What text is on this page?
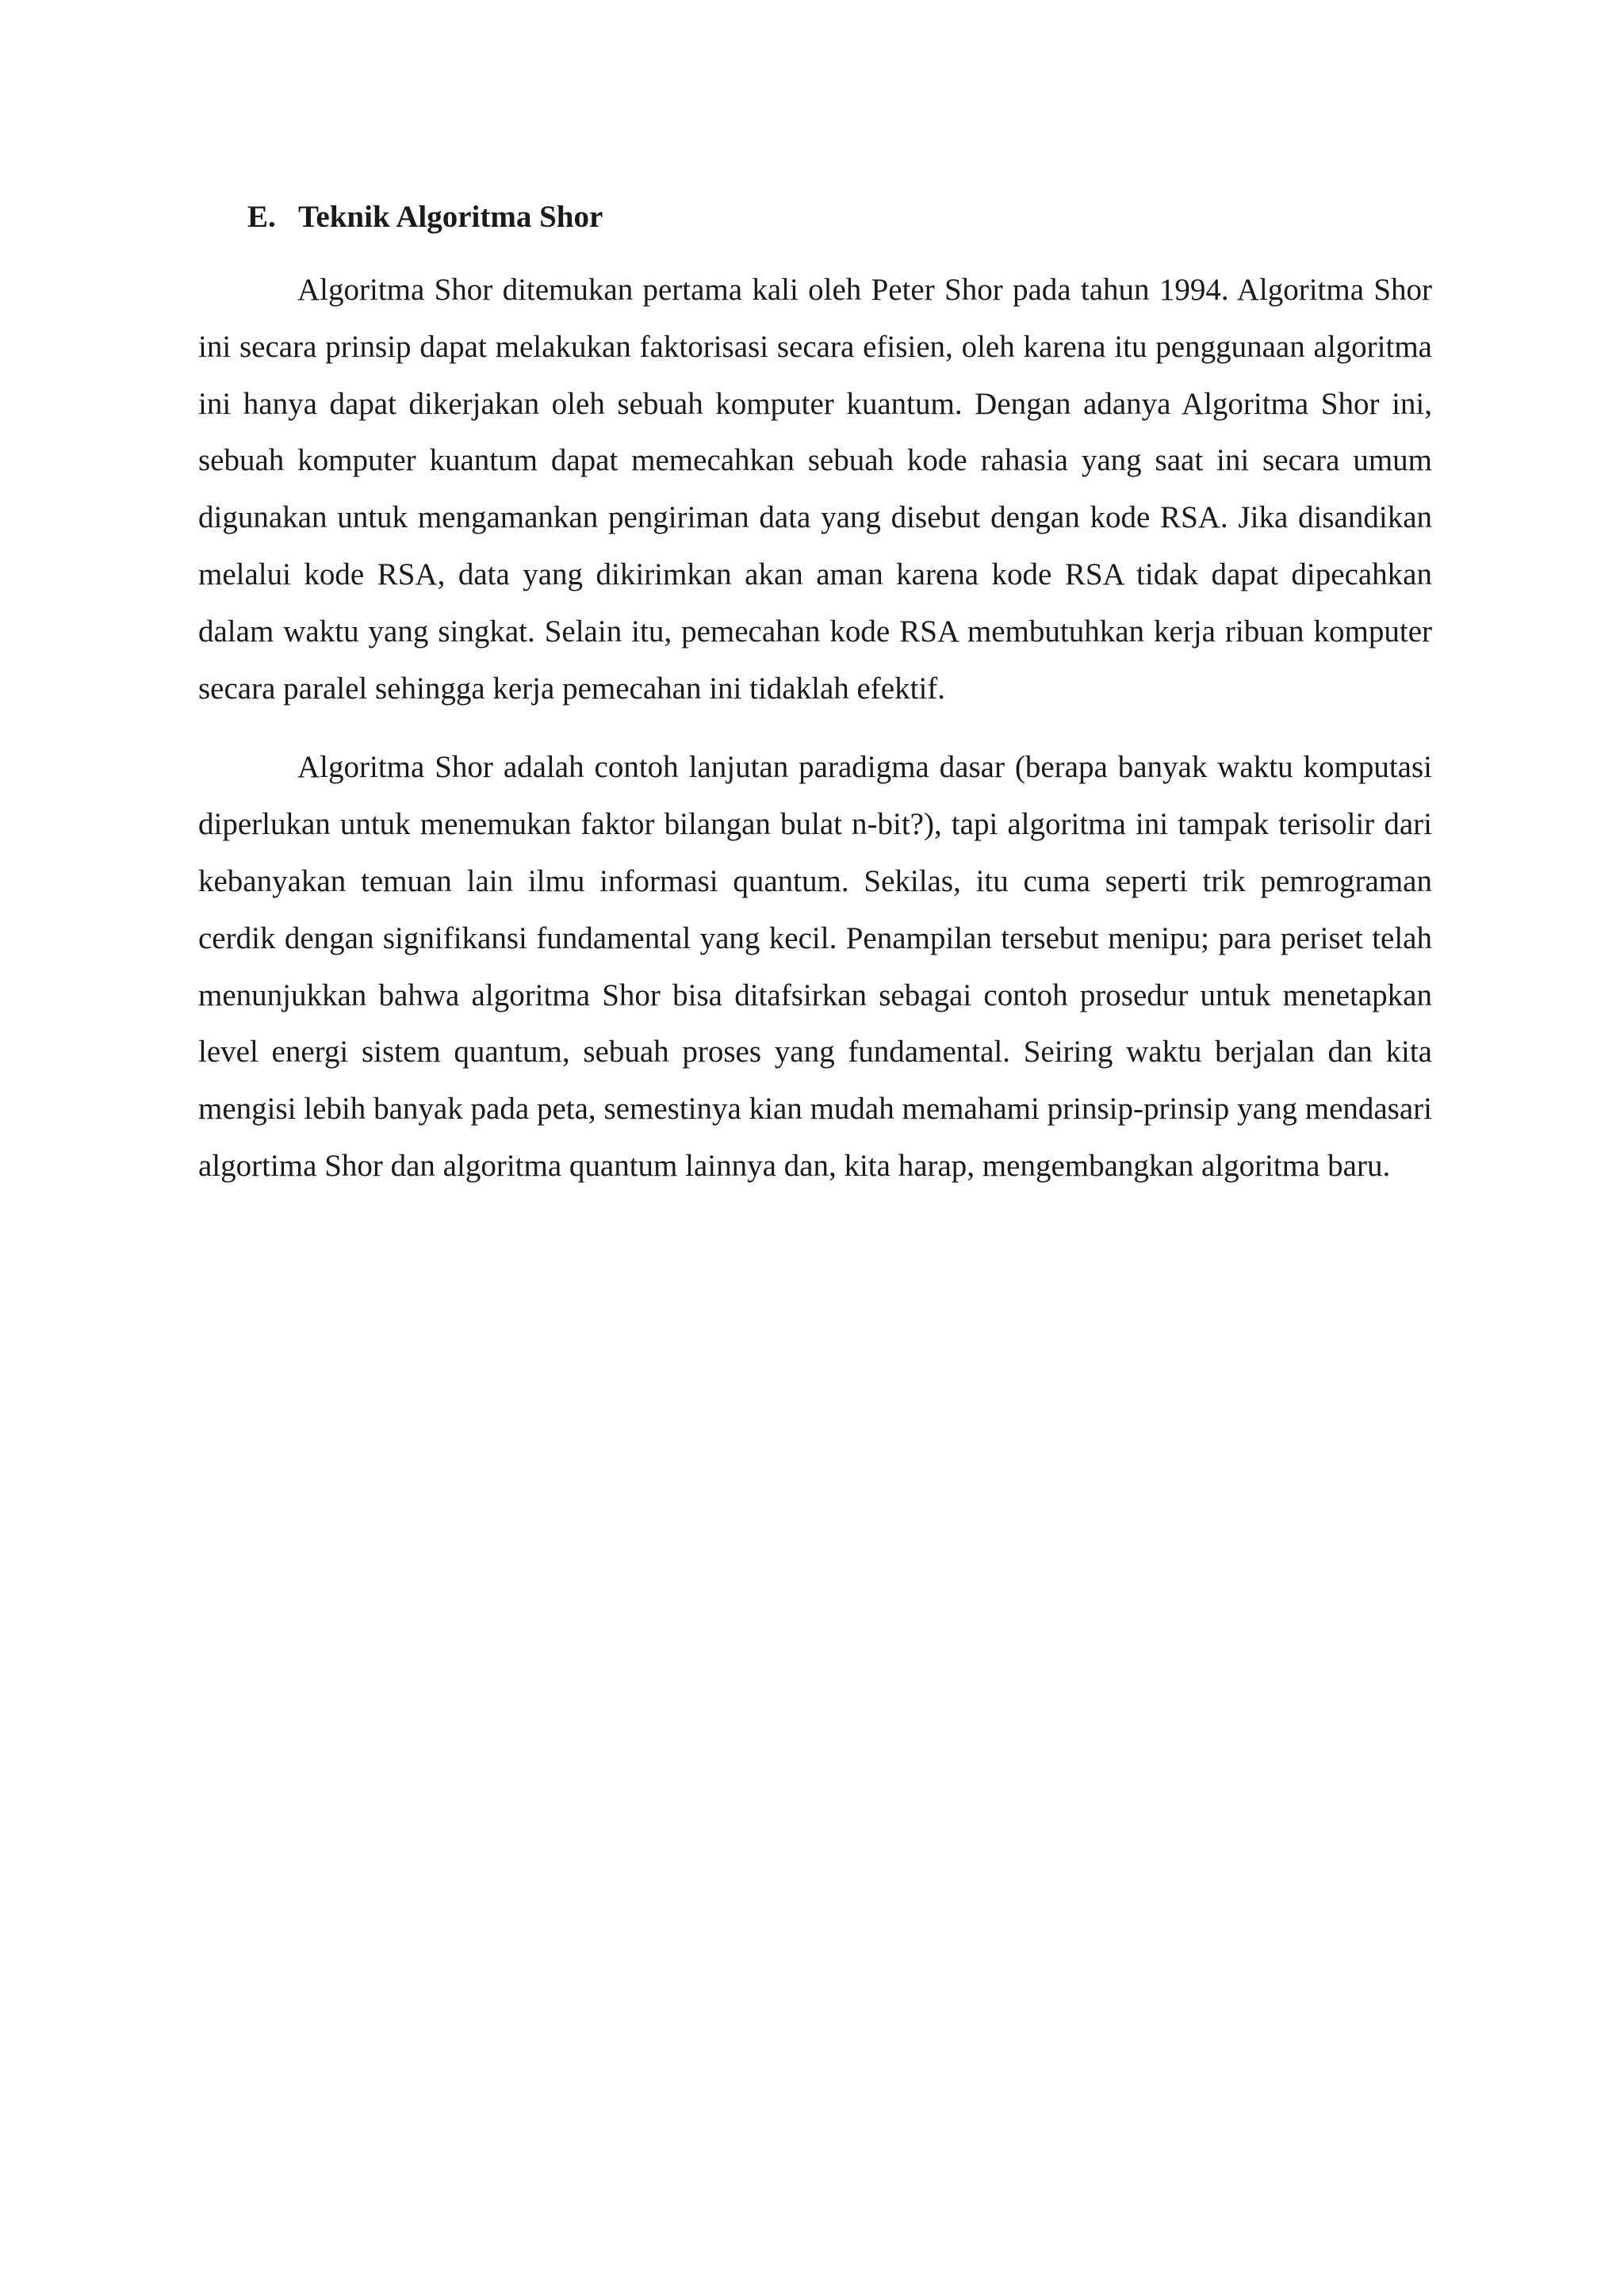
E. Teknik Algoritma Shor

Algoritma Shor ditemukan pertama kali oleh Peter Shor pada tahun 1994. Algoritma Shor ini secara prinsip dapat melakukan faktorisasi secara efisien, oleh karena itu penggunaan algoritma ini hanya dapat dikerjakan oleh sebuah komputer kuantum. Dengan adanya Algoritma Shor ini, sebuah komputer kuantum dapat memecahkan sebuah kode rahasia yang saat ini secara umum digunakan untuk mengamankan pengiriman data yang disebut dengan kode RSA. Jika disandikan melalui kode RSA, data yang dikirimkan akan aman karena kode RSA tidak dapat dipecahkan dalam waktu yang singkat. Selain itu, pemecahan kode RSA membutuhkan kerja ribuan komputer secara paralel sehingga kerja pemecahan ini tidaklah efektif.

Algoritma Shor adalah contoh lanjutan paradigma dasar (berapa banyak waktu komputasi diperlukan untuk menemukan faktor bilangan bulat n-bit?), tapi algoritma ini tampak terisolir dari kebanyakan temuan lain ilmu informasi quantum. Sekilas, itu cuma seperti trik pemrograman cerdik dengan signifikansi fundamental yang kecil. Penampilan tersebut menipu; para periset telah menunjukkan bahwa algoritma Shor bisa ditafsirkan sebagai contoh prosedur untuk menetapkan level energi sistem quantum, sebuah proses yang fundamental. Seiring waktu berjalan dan kita mengisi lebih banyak pada peta, semestinya kian mudah memahami prinsip-prinsip yang mendasari algortima Shor dan algoritma quantum lainnya dan, kita harap, mengembangkan algoritma baru.
